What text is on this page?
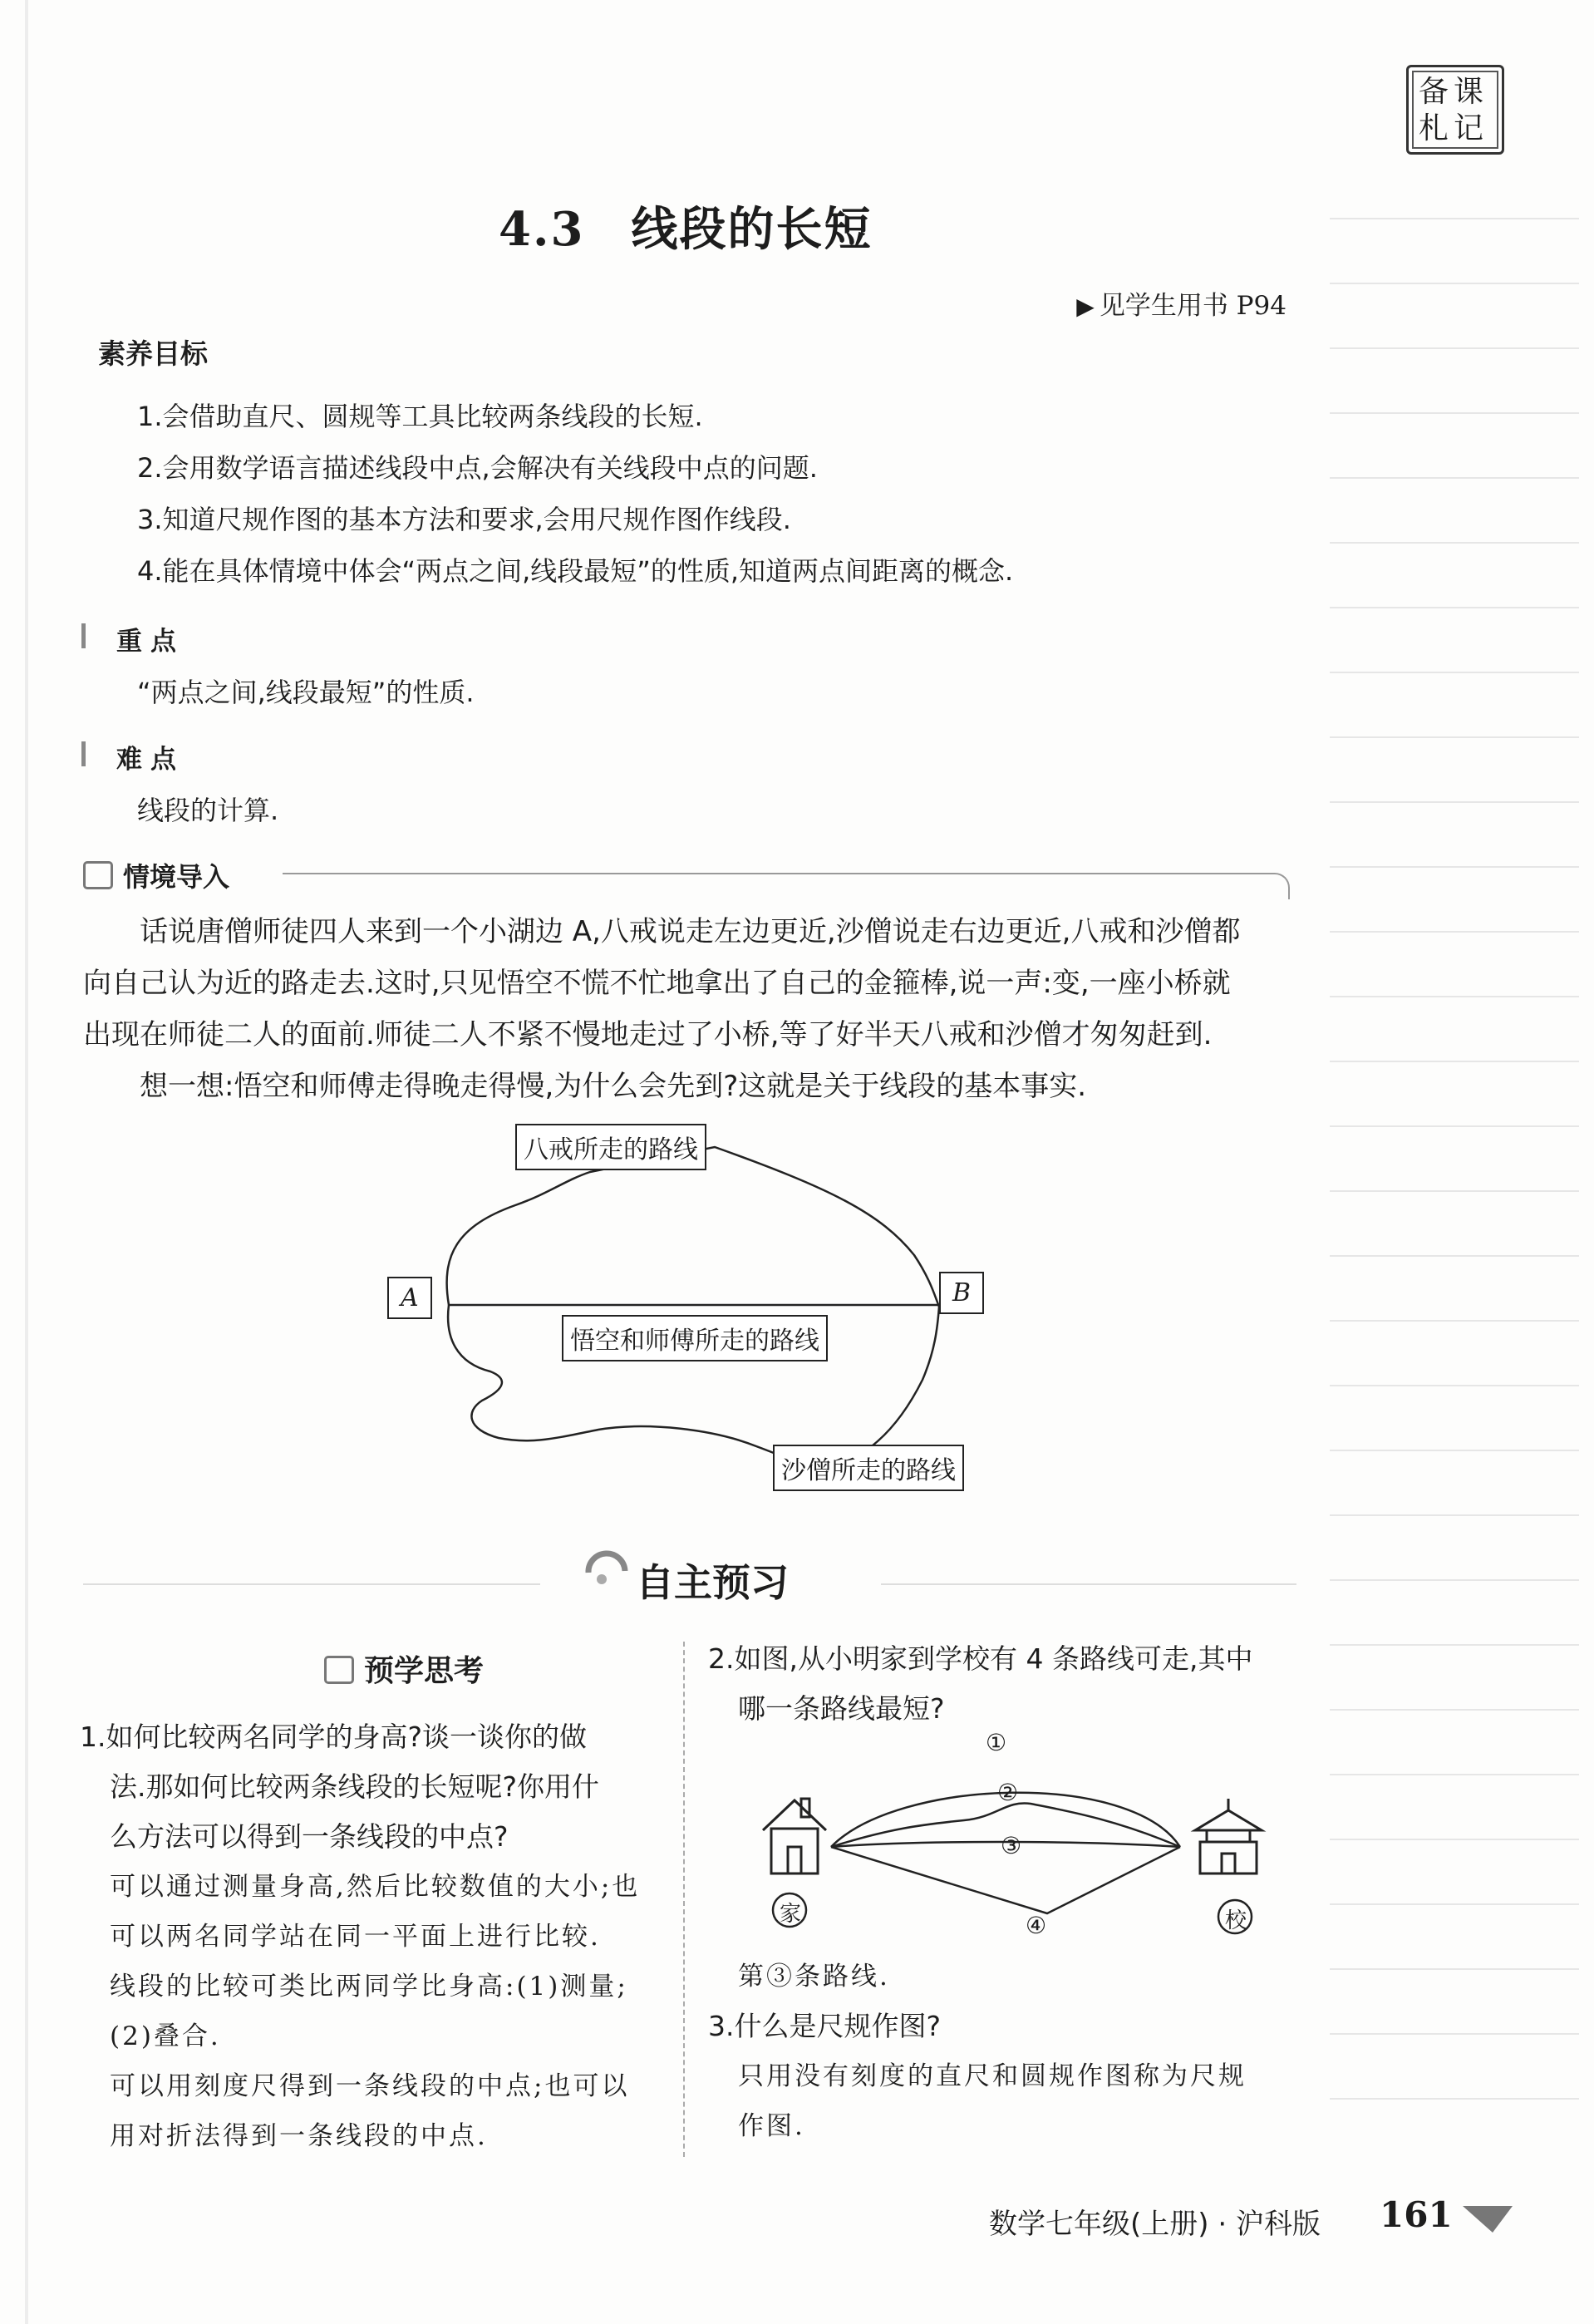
备课
札记
4.3 线段的长短
▶ 见学生用书 P94
素养目标
1.会借助直尺、圆规等工具比较两条线段的长短.
2.会用数学语言描述线段中点,会解决有关线段中点的问题.
3.知道尺规作图的基本方法和要求,会用尺规作图作线段.
4.能在具体情境中体会“两点之间,线段最短”的性质,知道两点间距离的概念.
重点
“两点之间,线段最短”的性质.
难点
线段的计算.
情境导入
话说唐僧师徒四人来到一个小湖边 A,八戒说走左边更近,沙僧说走右边更近,八戒和沙僧都
向自己认为近的路走去.这时,只见悟空不慌不忙地拿出了自己的金箍棒,说一声:变,一座小桥就
出现在师徒二人的面前.师徒二人不紧不慢地走过了小桥,等了好半天八戒和沙僧才匆匆赶到.
想一想:悟空和师傅走得晚走得慢,为什么会先到?这就是关于线段的基本事实.
八戒所走的路线
A	B
悟空和师傅所走的路线
沙僧所走的路线
自主预习
预学思考
1.如何比较两名同学的身高?谈一谈你的做
法.那如何比较两条线段的长短呢?你用什
么方法可以得到一条线段的中点?
可以通过测量身高,然后比较数值的大小;也
可以两名同学站在同一平面上进行比较.
线段的比较可类比两同学比身高:(1)测量;
(2)叠合.
可以用刻度尺得到一条线段的中点;也可以
用对折法得到一条线段的中点.
2.如图,从小明家到学校有 4 条路线可走,其中
哪一条路线最短?
①
②
③
④
家	校
第③条路线.
3.什么是尺规作图?
只用没有刻度的直尺和圆规作图称为尺规
作图.
数学七年级(上册) · 沪科版 161
